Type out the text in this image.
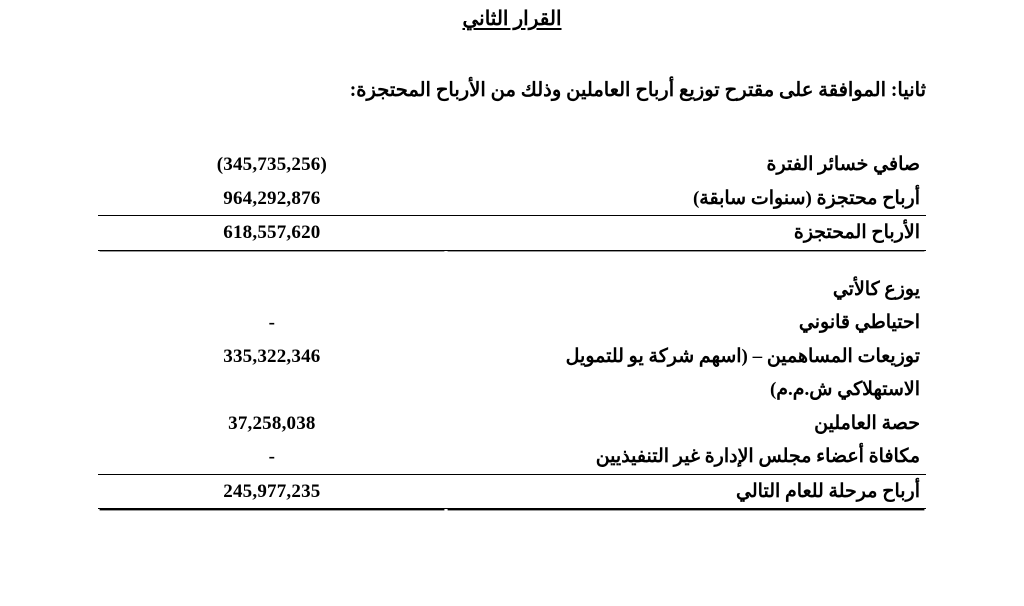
القرار الثاني
ثانيا: الموافقة على مقترح توزيع أرباح العاملين وذلك من الأرباح المحتجزة:
صافي خسائر الفترة	(345,735,256)
أرباح محتجزة (سنوات سابقة)	964,292,876
الأرباح المحتجزة	618,557,620

يوزع كالأتي	
احتياطي قانوني	-
توزيعات المساهمين – (اسهم شركة يو للتمويل	335,322,346
الاستهلاكي ش.م.م)	
حصة العاملين	37,258,038
مكافاة أعضاء مجلس الإدارة غير التنفيذيين	-
أرباح مرحلة للعام التالي	245,977,235
